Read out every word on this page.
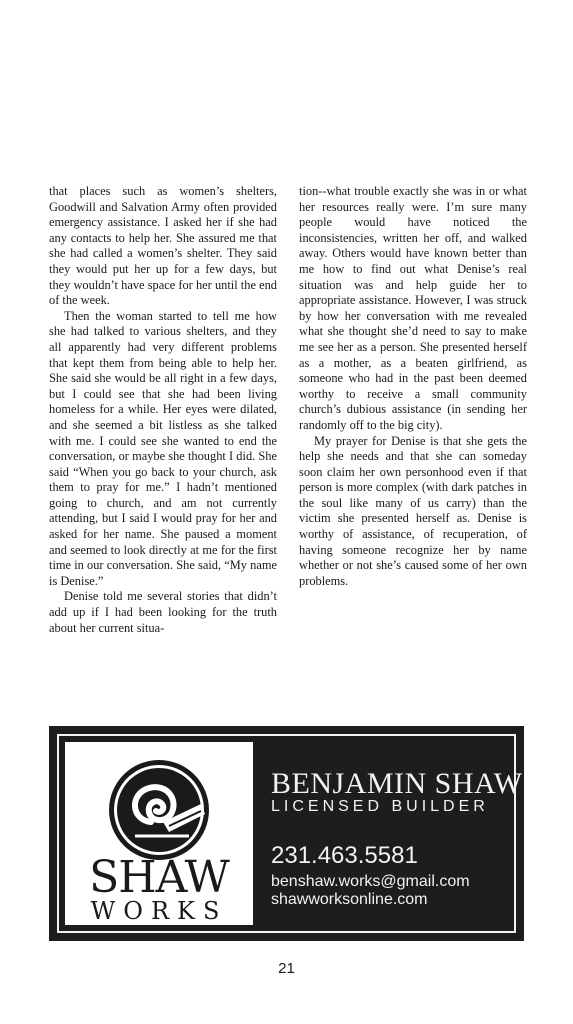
that places such as women’s shelters, Goodwill and Salvation Army often provided emergency assistance. I asked her if she had any contacts to help her. She assured me that she had called a women’s shelter. They said they would put her up for a few days, but they wouldn’t have space for her until the end of the week.

Then the woman started to tell me how she had talked to various shelters, and they all apparently had very different problems that kept them from being able to help her. She said she would be all right in a few days, but I could see that she had been living homeless for a while. Her eyes were dilated, and she seemed a bit listless as she talked with me. I could see she wanted to end the conversation, or maybe she thought I did. She said “When you go back to your church, ask them to pray for me.” I hadn’t mentioned going to church, and am not currently attending, but I said I would pray for her and asked for her name. She paused a moment and seemed to look directly at me for the first time in our conversation. She said, “My name is Denise.”

Denise told me several stories that didn’t add up if I had been looking for the truth about her current situa-

tion--what trouble exactly she was in or what her resources really were. I’m sure many people would have noticed the inconsistencies, written her off, and walked away. Others would have known better than me how to find out what Denise’s real situation was and help guide her to appropriate assistance. However, I was struck by how her conversation with me revealed what she thought she’d need to say to make me see her as a person. She presented herself as a mother, as a beaten girlfriend, as someone who had in the past been deemed worthy to receive a small community church’s dubious assistance (in sending her randomly off to the big city).

My prayer for Denise is that she gets the help she needs and that she can someday soon claim her own personhood even if that person is more complex (with dark patches in the soul like many of us carry) than the victim she presented herself as. Denise is worthy of assistance, of recuperation, of having someone recognize her by name whether or not she’s caused some of her own problems.

SHAW
WORKS
BENJAMIN SHAW
LICENSED BUILDER
231.463.5581
benshaw.works@gmail.com
shawworksonline.com
21
